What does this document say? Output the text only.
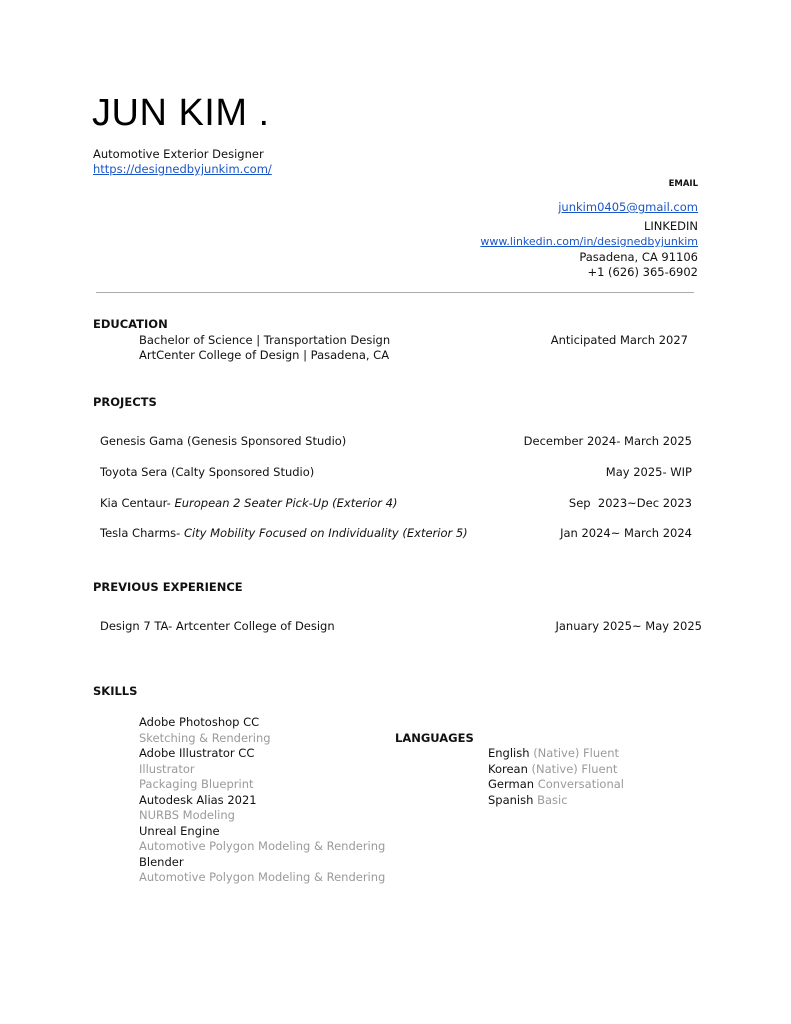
JUN KIM .
Automotive Exterior Designer
https://designedbyjunkim.com/
EMAIL
junkim0405@gmail.com
LINKEDIN
www.linkedin.com/in/designedbyjunkim
Pasadena, CA 91106
+1 (626) 365-6902
EDUCATION
Bachelor of Science | Transportation Design
ArtCenter College of Design | Pasadena, CA
Anticipated March 2027
PROJECTS
Genesis Gama (Genesis Sponsored Studio)	December 2024- March 2025
Toyota Sera (Calty Sponsored Studio)	May 2025- WIP
Kia Centaur- European 2 Seater Pick-Up (Exterior 4)	Sep  2023~Dec 2023
Tesla Charms- City Mobility Focused on Individuality (Exterior 5)	Jan 2024~ March 2024
PREVIOUS EXPERIENCE
Design 7 TA- Artcenter College of Design	January 2025~ May 2025
SKILLS
Adobe Photoshop CC
Sketching & Rendering
Adobe Illustrator CC
Illustrator
Packaging Blueprint
Autodesk Alias 2021
NURBS Modeling
Unreal Engine
Automotive Polygon Modeling & Rendering
Blender
Automotive Polygon Modeling & Rendering
LANGUAGES
English (Native) Fluent
Korean (Native) Fluent
German Conversational
Spanish Basic
